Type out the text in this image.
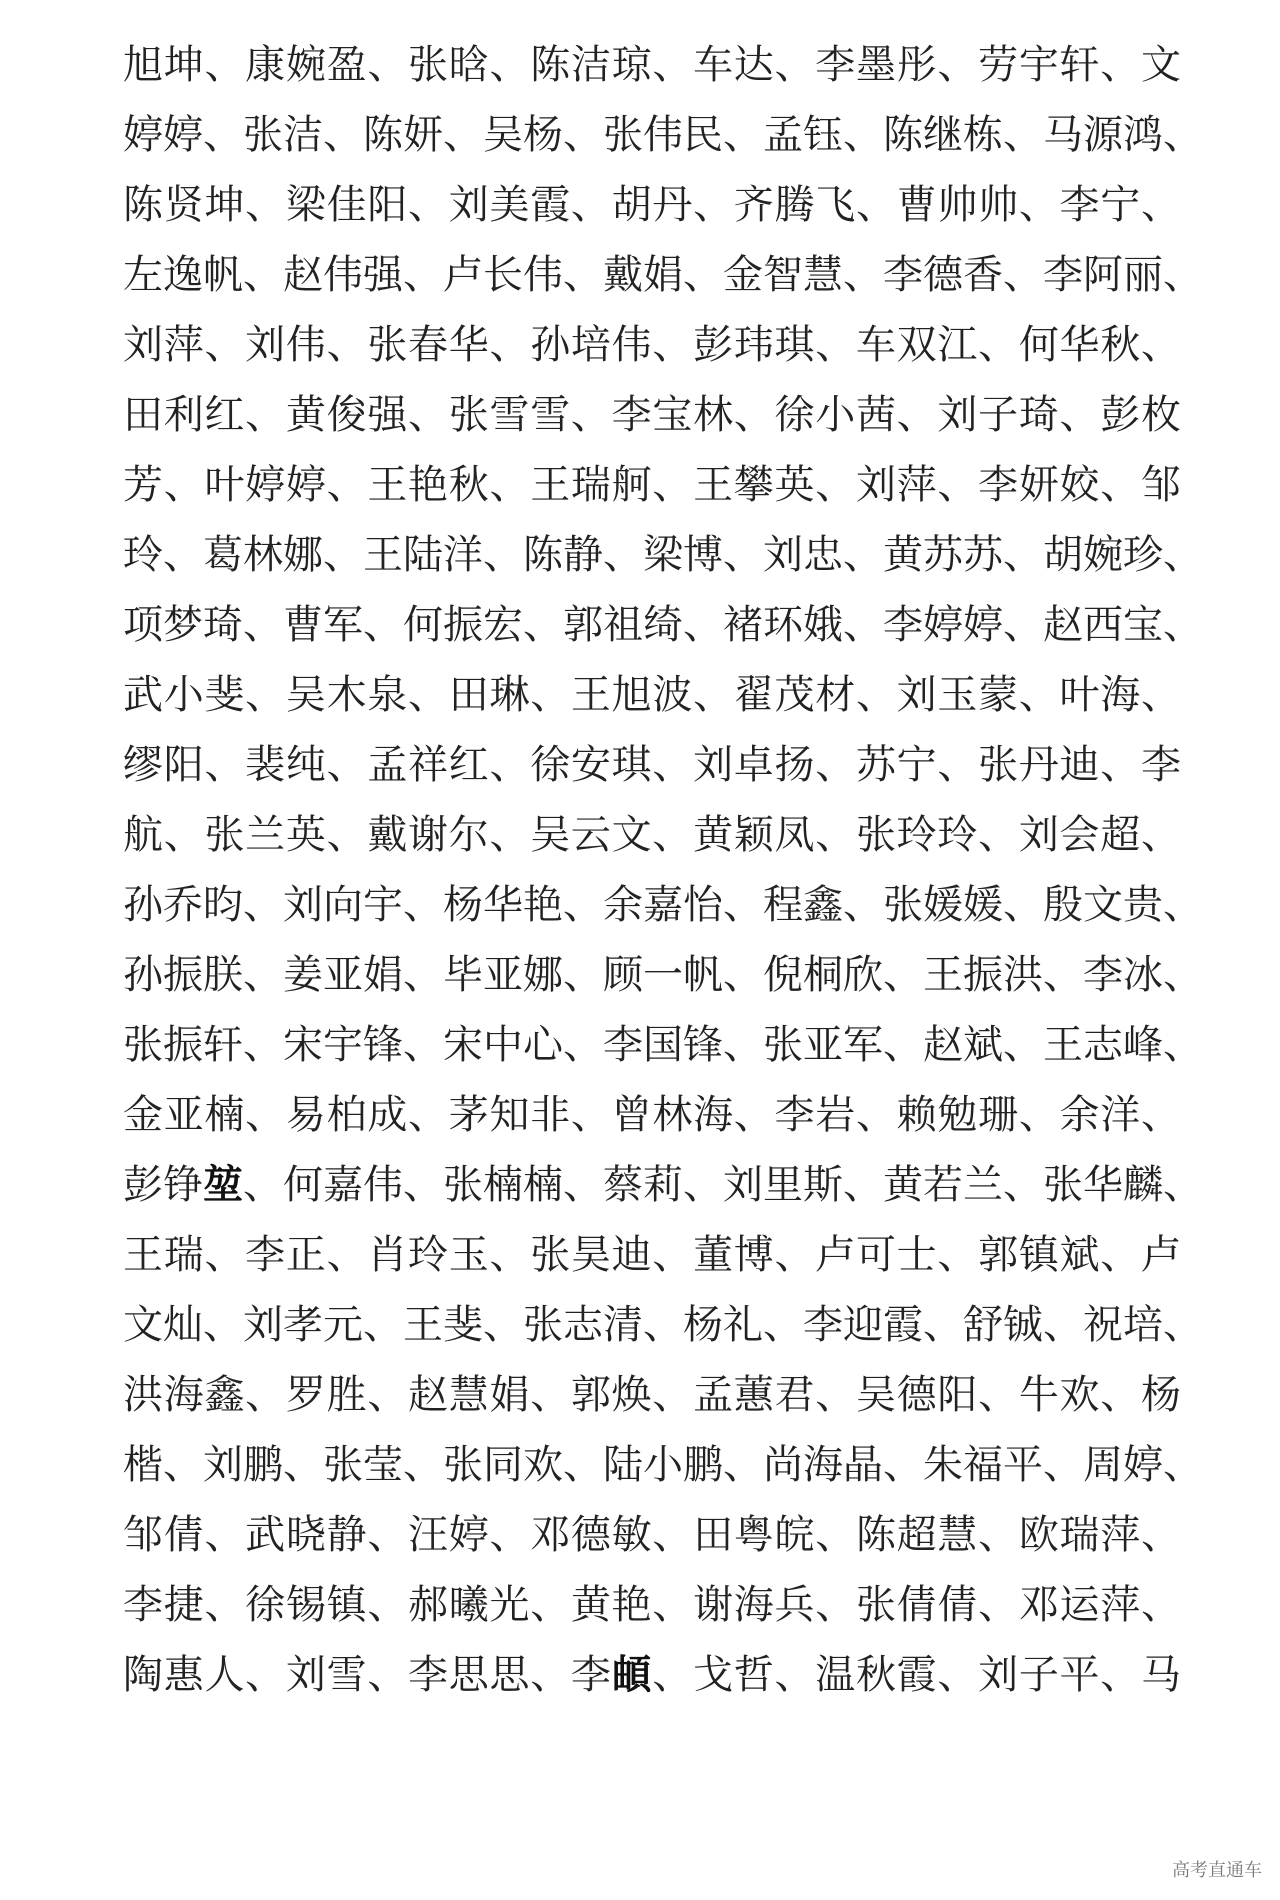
旭 坤 、 康 婉 盈 、 张 晗 、 陈 洁 琼 、 车 达 、 李 墨 彤 、 劳 宇 轩 、 文
婷 婷 、 张 洁 、 陈 妍 、 吴 杨 、 张 伟 民 、 孟 钰 、 陈 继 栋 、 马 源 鸿 、
陈 贤 坤 、 梁 佳 阳 、 刘 美 霞 、 胡 丹 、 齐 腾 飞 、 曹 帅 帅 、 李 宁 、
左 逸 帆 、 赵 伟 强 、 卢 长 伟 、 戴 娟 、 金 智 慧 、 李 德 香 、 李 阿 丽 、
刘 萍 、 刘 伟 、 张 春 华 、 孙 培 伟 、 彭 玮 琪 、 车 双 江 、 何 华 秋 、
田 利 红 、 黄 俊 强 、 张 雪 雪 、 李 宝 林 、 徐 小 茜 、 刘 子 琦 、 彭 枚
芳 、 叶 婷 婷 、 王 艳 秋 、 王 瑞 舸 、 王 攀 英 、 刘 萍 、 李 妍 姣 、 邹
玲 、 葛 林 娜 、 王 陆 洋 、 陈 静 、 梁 博 、 刘 忠 、 黄 苏 苏 、 胡 婉 珍 、
项 梦 琦 、 曹 军 、 何 振 宏 、 郭 祖 绮 、 褚 环 娥 、 李 婷 婷 、 赵 西 宝 、
武 小 斐 、 吴 木 泉 、 田 琳 、 王 旭 波 、 翟 茂 材 、 刘 玉 蒙 、 叶 海 、
缪 阳 、 裴 纯 、 孟 祥 红 、 徐 安 琪 、 刘 卓 扬 、 苏 宁 、 张 丹 迪 、 李
航 、 张 兰 英 、 戴 谢 尔 、 吴 云 文 、 黄 颖 凤 、 张 玲 玲 、 刘 会 超 、
孙 乔 昀 、 刘 向 宇 、 杨 华 艳 、 余 嘉 怡 、 程 鑫 、 张 媛 媛 、 殷 文 贵 、
孙 振 朕 、 姜 亚 娟 、 毕 亚 娜 、 顾 一 帆 、 倪 桐 欣 、 王 振 洪 、 李 冰 、
张 振 轩 、 宋 宇 锋 、 宋 中 心 、 李 国 锋 、 张 亚 军 、 赵 斌 、 王 志 峰 、
金 亚 楠 、 易 柏 成 、 茅 知 非 、 曾 林 海 、 李 岩 、 赖 勉 珊 、 余 洋 、
彭 铮 堃 、 何 嘉 伟 、 张 楠 楠 、 蔡 莉 、 刘 里 斯 、 黄 若 兰 、 张 华 麟 、
王 瑞 、 李 正 、 肖 玲 玉 、 张 昊 迪 、 董 博 、 卢 可 士 、 郭 镇 斌 、 卢
文 灿 、 刘 孝 元 、 王 斐 、 张 志 清 、 杨 礼 、 李 迎 霞 、 舒 铖 、 祝 培 、
洪 海 鑫 、 罗 胜 、 赵 慧 娟 、 郭 焕 、 孟 蕙 君 、 吴 德 阳 、 牛 欢 、 杨
楷 、 刘 鹏 、 张 莹 、 张 同 欢 、 陆 小 鹏 、 尚 海 晶 、 朱 福 平 、 周 婷 、
邹 倩 、 武 晓 静 、 汪 婷 、 邓 德 敏 、 田 粤 皖 、 陈 超 慧 、 欧 瑞 萍 、
李 捷 、 徐 锡 镇 、 郝 曦 光 、 黄 艳 、 谢 海 兵 、 张 倩 倩 、 邓 运 萍 、
陶 惠 人 、 刘 雪 、 李 思 思 、 李 頔 、 戈 哲 、 温 秋 霞 、 刘 子 平 、 马
高考直通车
